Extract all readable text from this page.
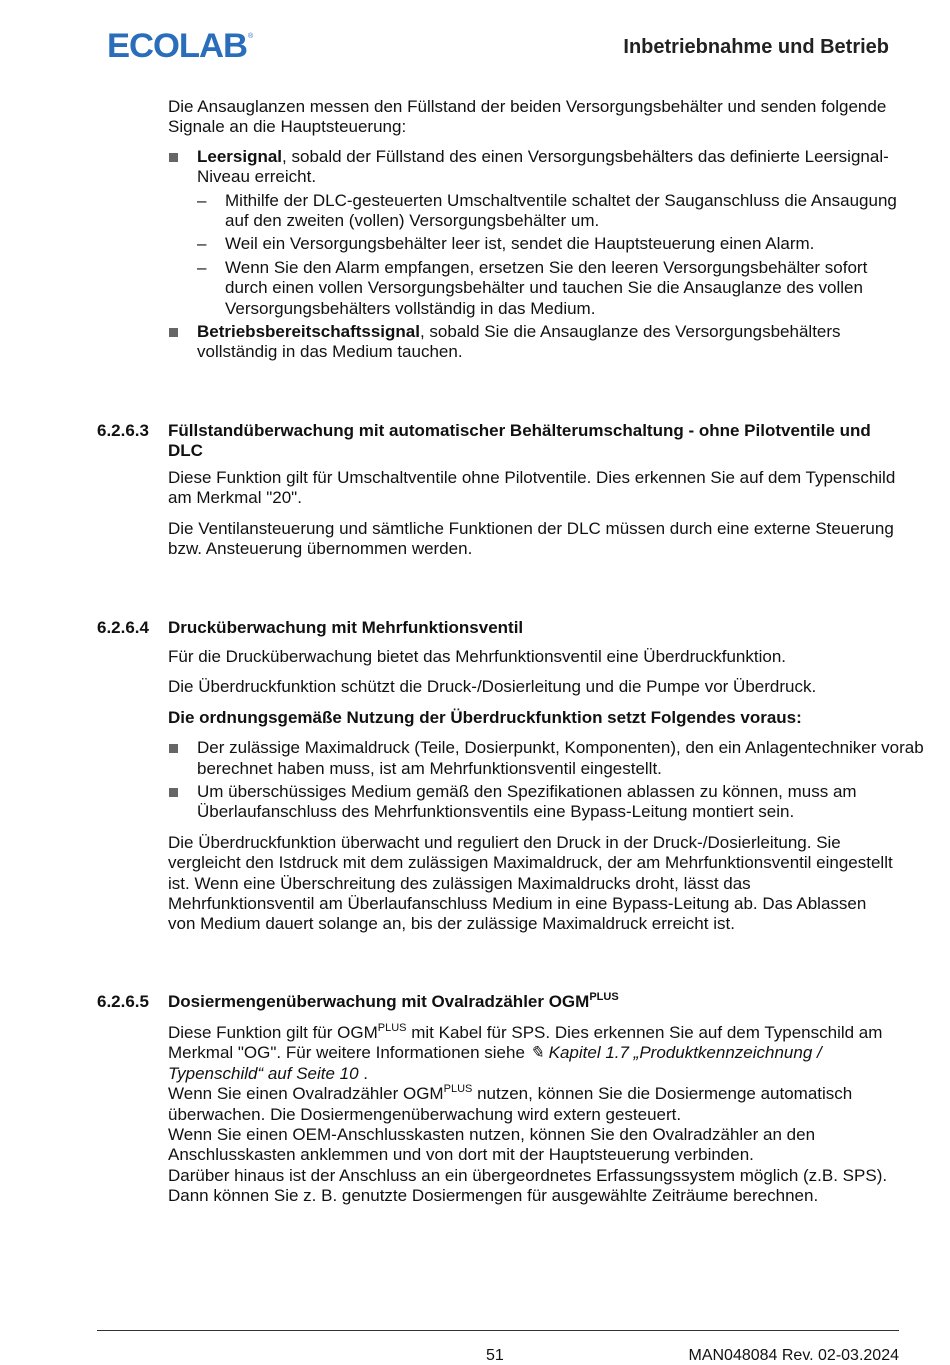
ECOLAB ®	Inbetriebnahme und Betrieb

Die Ansauglanzen messen den Füllstand der beiden Versorgungsbehälter und senden folgende Signale an die Hauptsteuerung:

Leersignal, sobald der Füllstand des einen Versorgungsbehälters das definierte Leersignal-Niveau erreicht.
– Mithilfe der DLC-gesteuerten Umschaltventile schaltet der Sauganschluss die Ansaugung auf den zweiten (vollen) Versorgungsbehälter um.
– Weil ein Versorgungsbehälter leer ist, sendet die Hauptsteuerung einen Alarm.
– Wenn Sie den Alarm empfangen, ersetzen Sie den leeren Versorgungsbehälter sofort durch einen vollen Versorgungsbehälter und tauchen Sie die Ansauglanze des vollen Versorgungsbehälters vollständig in das Medium.
Betriebsbereitschaftssignal, sobald Sie die Ansauglanze des Versorgungsbehälters vollständig in das Medium tauchen.
6.2.6.3 Füllstandüberwachung mit automatischer Behälterumschaltung - ohne Pilotventile und DLC

Diese Funktion gilt für Umschaltventile ohne Pilotventile. Dies erkennen Sie auf dem Typenschild am Merkmal "20".

Die Ventilansteuerung und sämtliche Funktionen der DLC müssen durch eine externe Steuerung bzw. Ansteuerung übernommen werden.

6.2.6.4 Drucküberwachung mit Mehrfunktionsventil

Für die Drucküberwachung bietet das Mehrfunktionsventil eine Überdruckfunktion.

Die Überdruckfunktion schützt die Druck-/Dosierleitung und die Pumpe vor Überdruck.

Die ordnungsgemäße Nutzung der Überdruckfunktion setzt Folgendes voraus:

Der zulässige Maximaldruck (Teile, Dosierpunkt, Komponenten), den ein Anlagentechniker vorab berechnet haben muss, ist am Mehrfunktionsventil eingestellt.
Um überschüssiges Medium gemäß den Spezifikationen ablassen zu können, muss am Überlaufanschluss des Mehrfunktionsventils eine Bypass-Leitung montiert sein.

Die Überdruckfunktion überwacht und reguliert den Druck in der Druck-/Dosierleitung. Sie vergleicht den Istdruck mit dem zulässigen Maximaldruck, der am Mehrfunktionsventil eingestellt ist. Wenn eine Überschreitung des zulässigen Maximaldrucks droht, lässt das Mehrfunktionsventil am Überlaufanschluss Medium in eine Bypass-Leitung ab. Das Ablassen von Medium dauert solange an, bis der zulässige Maximaldruck erreicht ist.

6.2.6.5 Dosiermengenüberwachung mit Ovalradzähler $OGM^{PLUS}$

Diese Funktion gilt für $OGM^{PLUS}$ mit Kabel für SPS. Dies erkennen Sie auf dem Typenschild am Merkmal "OG". Für weitere Informationen siehe ✎ Kapitel 1.7 „Produktkennzeichnung / Typenschild“ auf Seite 10 .

Wenn Sie einen Ovalradzähler $OGM^{PLUS}$ nutzen, können Sie die Dosiermenge automatisch überwachen. Die Dosiermengenüberwachung wird extern gesteuert.

Wenn Sie einen OEM-Anschlusskasten nutzen, können Sie den Ovalradzähler an den Anschlusskasten anklemmen und von dort mit der Hauptsteuerung verbinden.

Darüber hinaus ist der Anschluss an ein übergeordnetes Erfassungssystem möglich (z.B. SPS). Dann können Sie z. B. genutzte Dosiermengen für ausgewählte Zeiträume berechnen.

51	MAN048084 Rev. 02-03.2024
